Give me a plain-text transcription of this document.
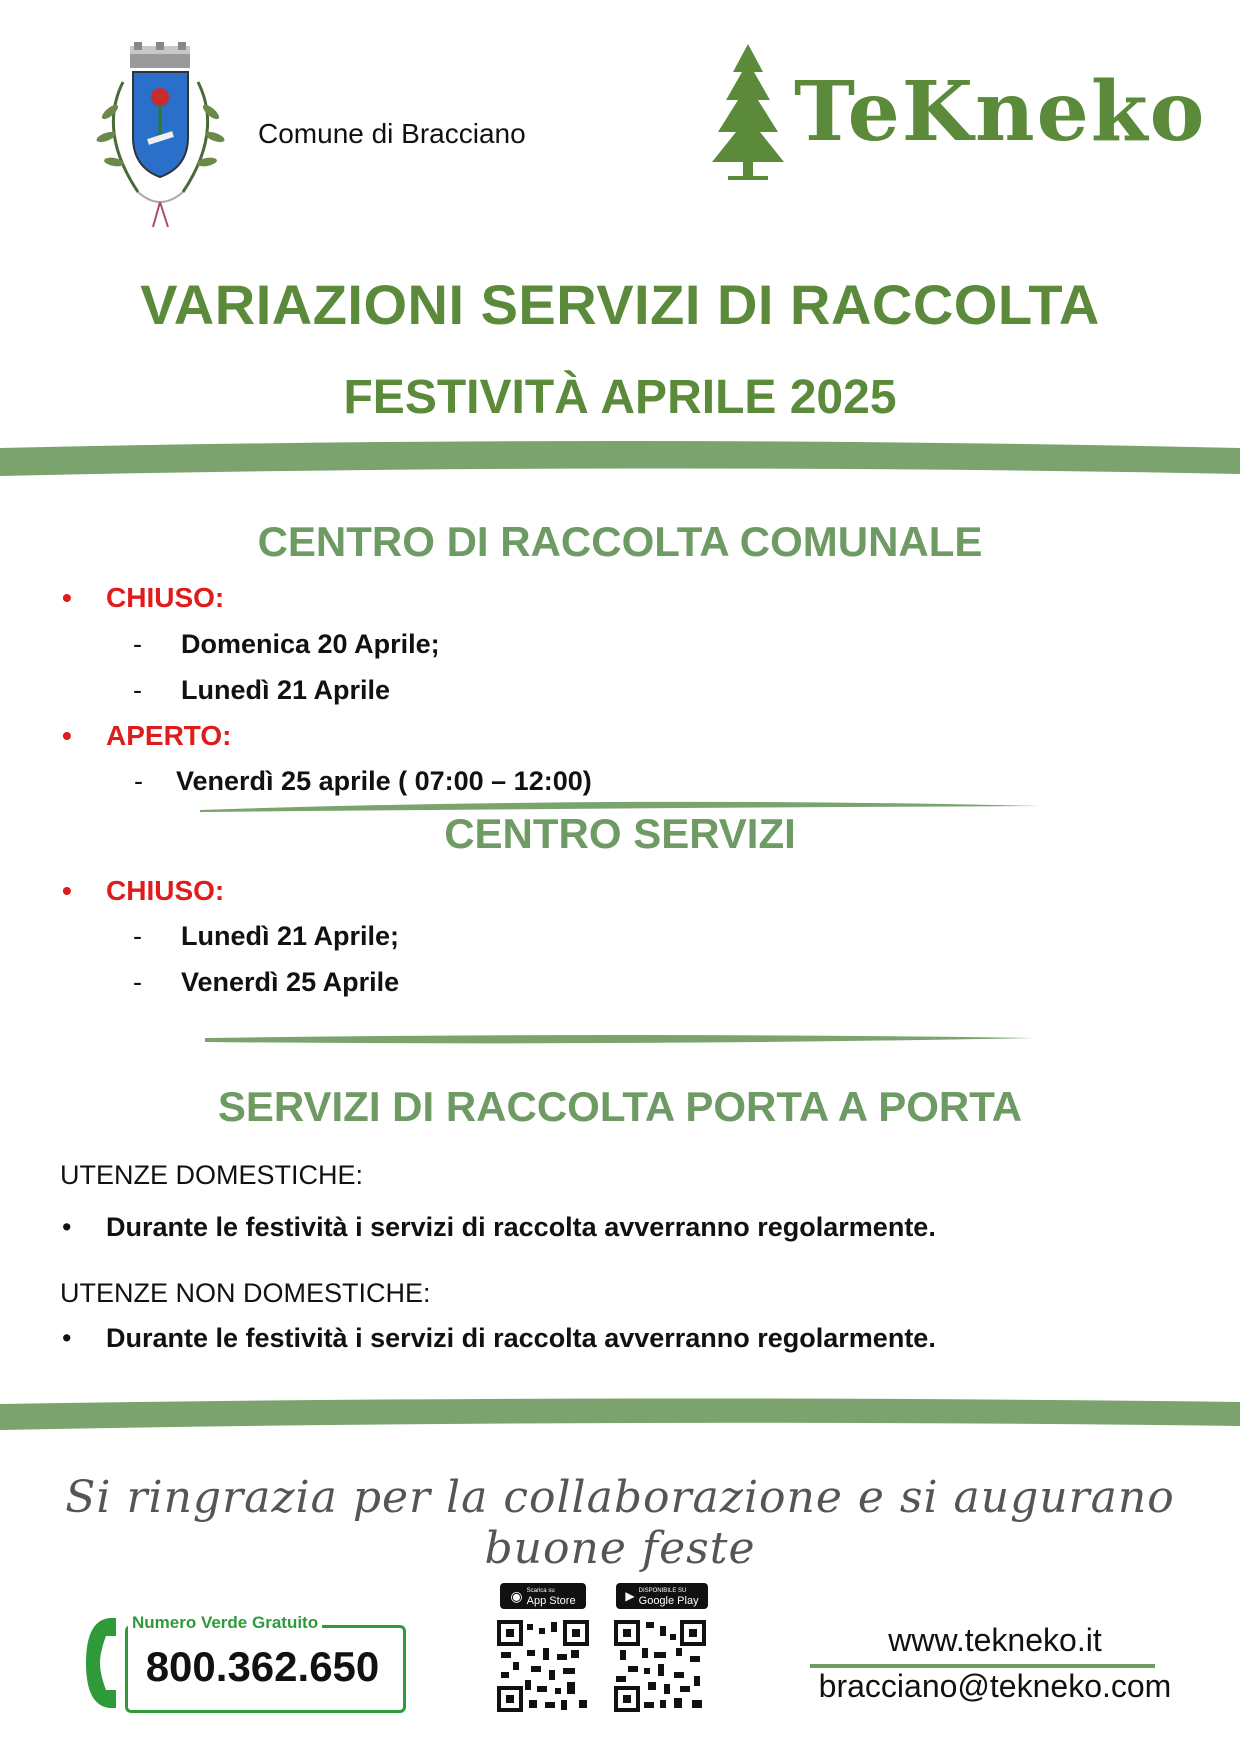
Comune di Bracciano	TeKneko
VARIAZIONI SERVIZI DI RACCOLTA
FESTIVITÀ APRILE 2025
CENTRO DI RACCOLTA COMUNALE
• CHIUSO:
- Domenica 20 Aprile;
- Lunedì 21 Aprile
• APERTO:
- Venerdì 25 aprile ( 07:00 – 12:00)
CENTRO SERVIZI
• CHIUSO:
- Lunedì 21 Aprile;
- Venerdì 25 Aprile
SERVIZI DI RACCOLTA PORTA A PORTA
UTENZE DOMESTICHE:
• Durante le festività i servizi di raccolta avverranno regolarmente.
UTENZE NON DOMESTICHE:
• Durante le festività i servizi di raccolta avverranno regolarmente.
Si ringrazia per la collaborazione e si augurano buone feste
Numero Verde Gratuito
800.362.650
◉ Scarica su
App Store	▶ DISPONIBILE SU
Google Play
www.tekneko.it
bracciano@tekneko.com
